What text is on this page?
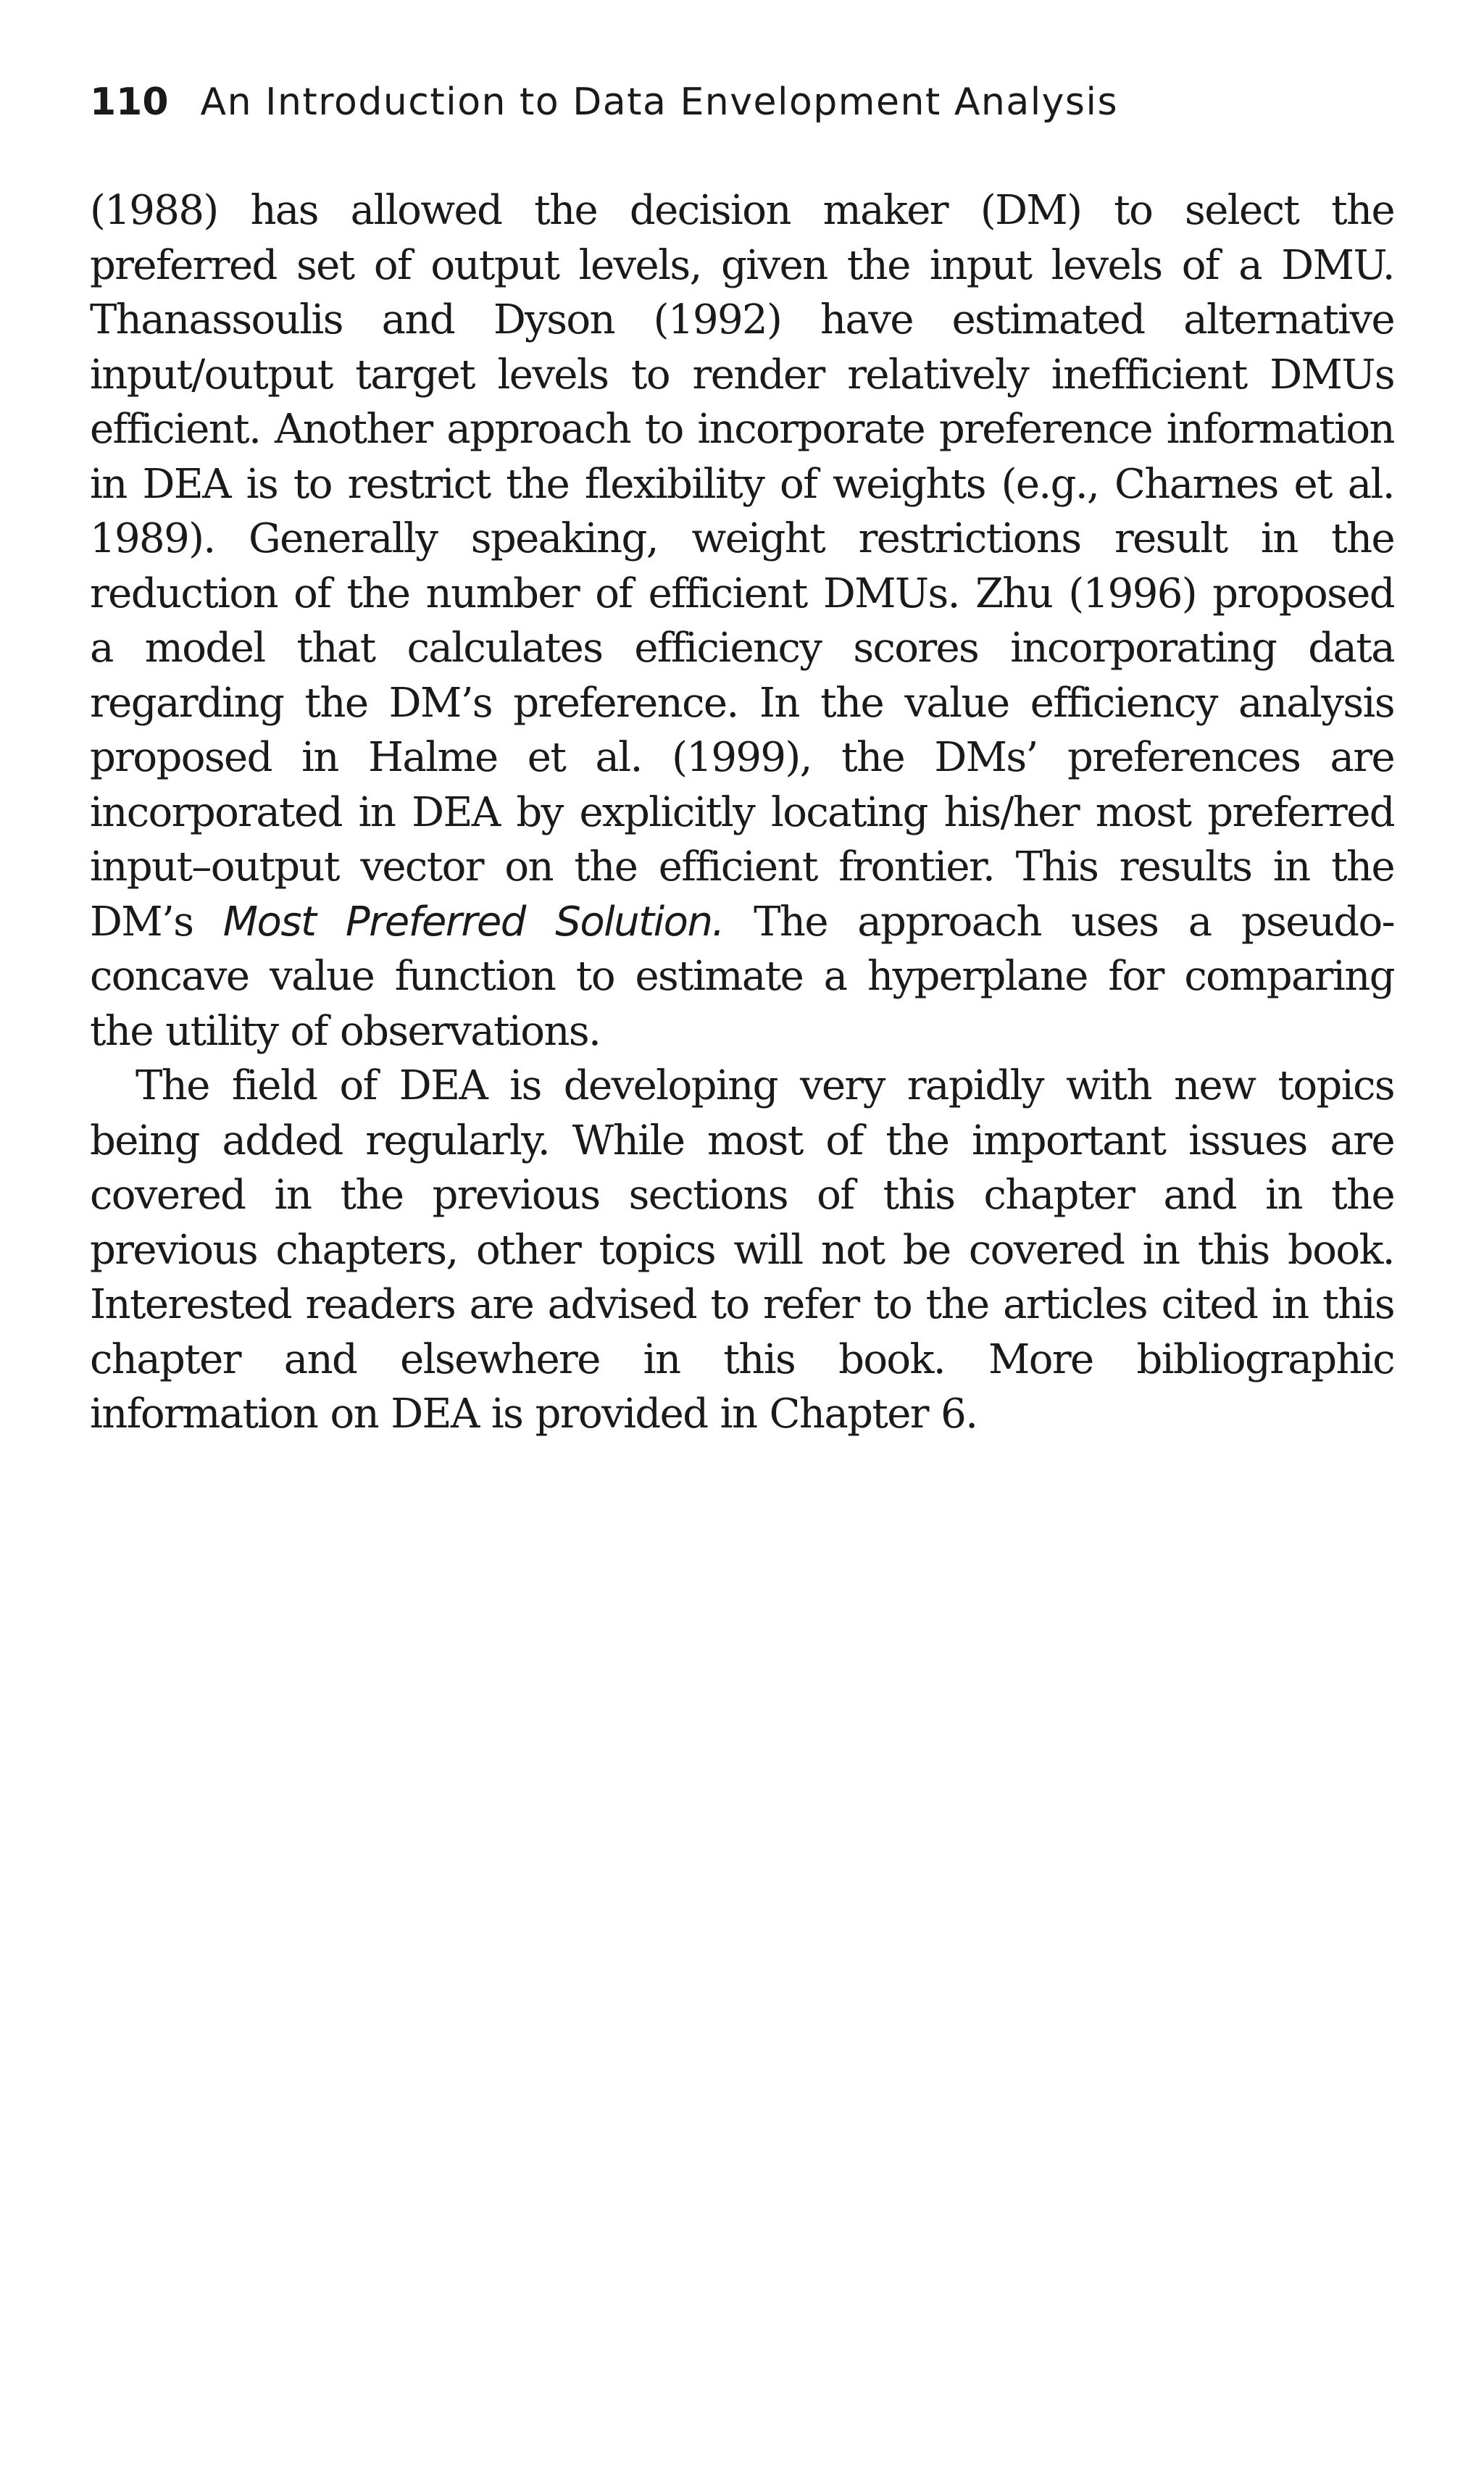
110 An Introduction to Data Envelopment Analysis

(1988) has allowed the decision maker (DM) to select the preferred set of output levels, given the input levels of a DMU. Thanassoulis and Dyson (1992) have estimated alternative input/output target levels to render relatively inefficient DMUs efficient. Another approach to incorporate preference information in DEA is to restrict the flexibility of weights (e.g., Charnes et al. 1989). Generally speaking, weight restrictions result in the reduction of the number of efficient DMUs. Zhu (1996) proposed a model that calculates efficiency scores incorporating data regarding the DM’s preference. In the value efficiency analysis proposed in Halme et al. (1999), the DMs’ preferences are incorporated in DEA by explicitly locating his/her most preferred input–output vector on the efficient frontier. This results in the DM’s Most Preferred Solution. The approach uses a pseudo-concave value function to estimate a hyperplane for comparing the utility of observations.

The field of DEA is developing very rapidly with new topics being added regularly. While most of the important issues are covered in the previous sections of this chapter and in the previous chapters, other topics will not be covered in this book. Interested readers are advised to refer to the articles cited in this chapter and elsewhere in this book. More bibliographic information on DEA is provided in Chapter 6.
